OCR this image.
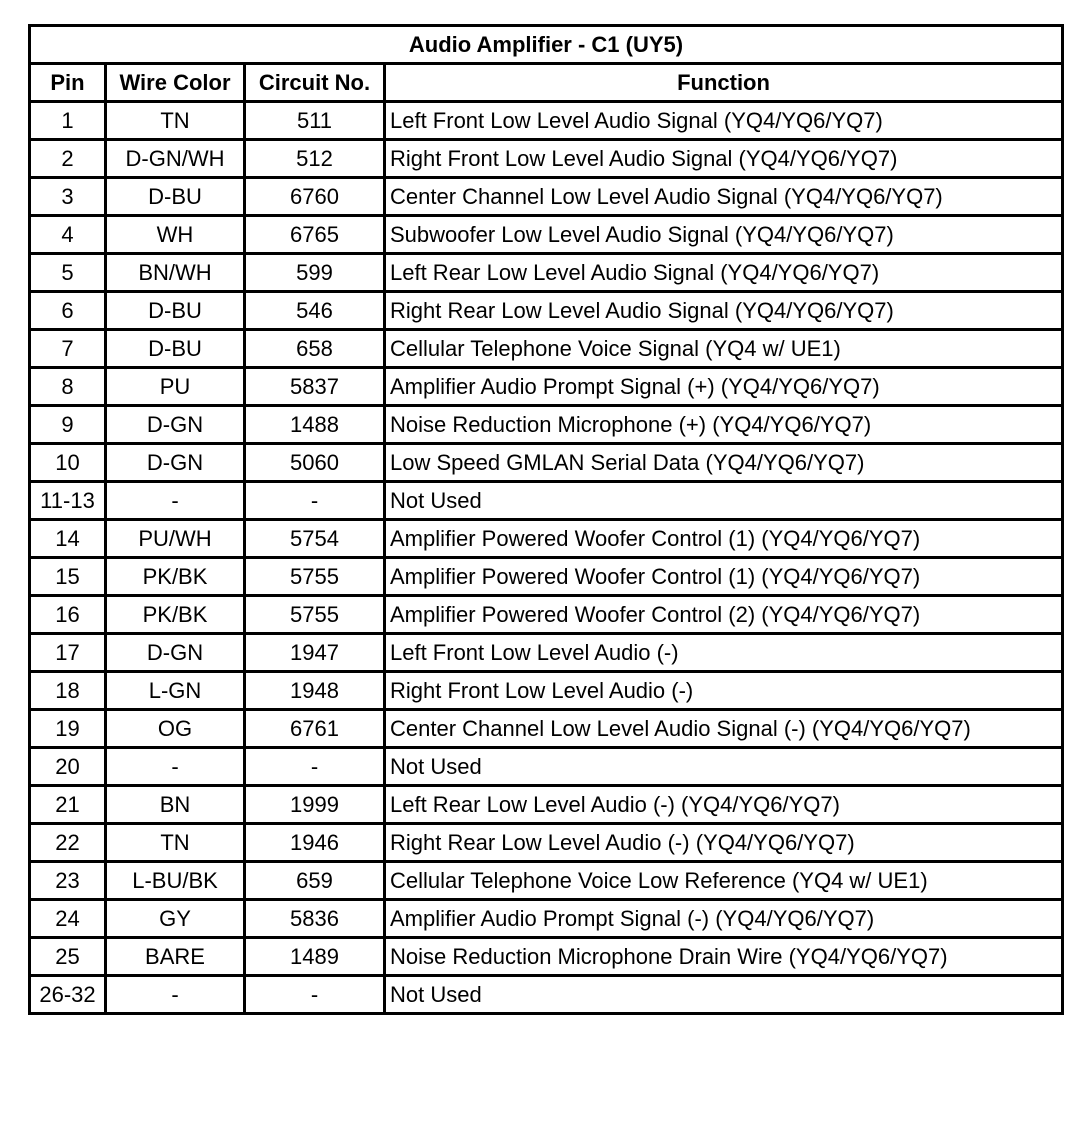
Audio Amplifier - C1 (UY5)			
Pin	Wire Color	Circuit No.	Function
1	TN	511	Left Front Low Level Audio Signal (YQ4/YQ6/YQ7)
2	D-GN/WH	512	Right Front Low Level Audio Signal (YQ4/YQ6/YQ7)
3	D-BU	6760	Center Channel Low Level Audio Signal (YQ4/YQ6/YQ7)
4	WH	6765	Subwoofer Low Level Audio Signal (YQ4/YQ6/YQ7)
5	BN/WH	599	Left Rear Low Level Audio Signal (YQ4/YQ6/YQ7)
6	D-BU	546	Right Rear Low Level Audio Signal (YQ4/YQ6/YQ7)
7	D-BU	658	Cellular Telephone Voice Signal (YQ4 w/ UE1)
8	PU	5837	Amplifier Audio Prompt Signal (+) (YQ4/YQ6/YQ7)
9	D-GN	1488	Noise Reduction Microphone (+) (YQ4/YQ6/YQ7)
10	D-GN	5060	Low Speed GMLAN Serial Data (YQ4/YQ6/YQ7)
11-13	-	-	Not Used
14	PU/WH	5754	Amplifier Powered Woofer Control (1) (YQ4/YQ6/YQ7)
15	PK/BK	5755	Amplifier Powered Woofer Control (1) (YQ4/YQ6/YQ7)
16	PK/BK	5755	Amplifier Powered Woofer Control (2) (YQ4/YQ6/YQ7)
17	D-GN	1947	Left Front Low Level Audio (-)
18	L-GN	1948	Right Front Low Level Audio (-)
19	OG	6761	Center Channel Low Level Audio Signal (-) (YQ4/YQ6/YQ7)
20	-	-	Not Used
21	BN	1999	Left Rear Low Level Audio (-) (YQ4/YQ6/YQ7)
22	TN	1946	Right Rear Low Level Audio (-) (YQ4/YQ6/YQ7)
23	L-BU/BK	659	Cellular Telephone Voice Low Reference (YQ4 w/ UE1)
24	GY	5836	Amplifier Audio Prompt Signal (-) (YQ4/YQ6/YQ7)
25	BARE	1489	Noise Reduction Microphone Drain Wire (YQ4/YQ6/YQ7)
26-32	-	-	Not Used
